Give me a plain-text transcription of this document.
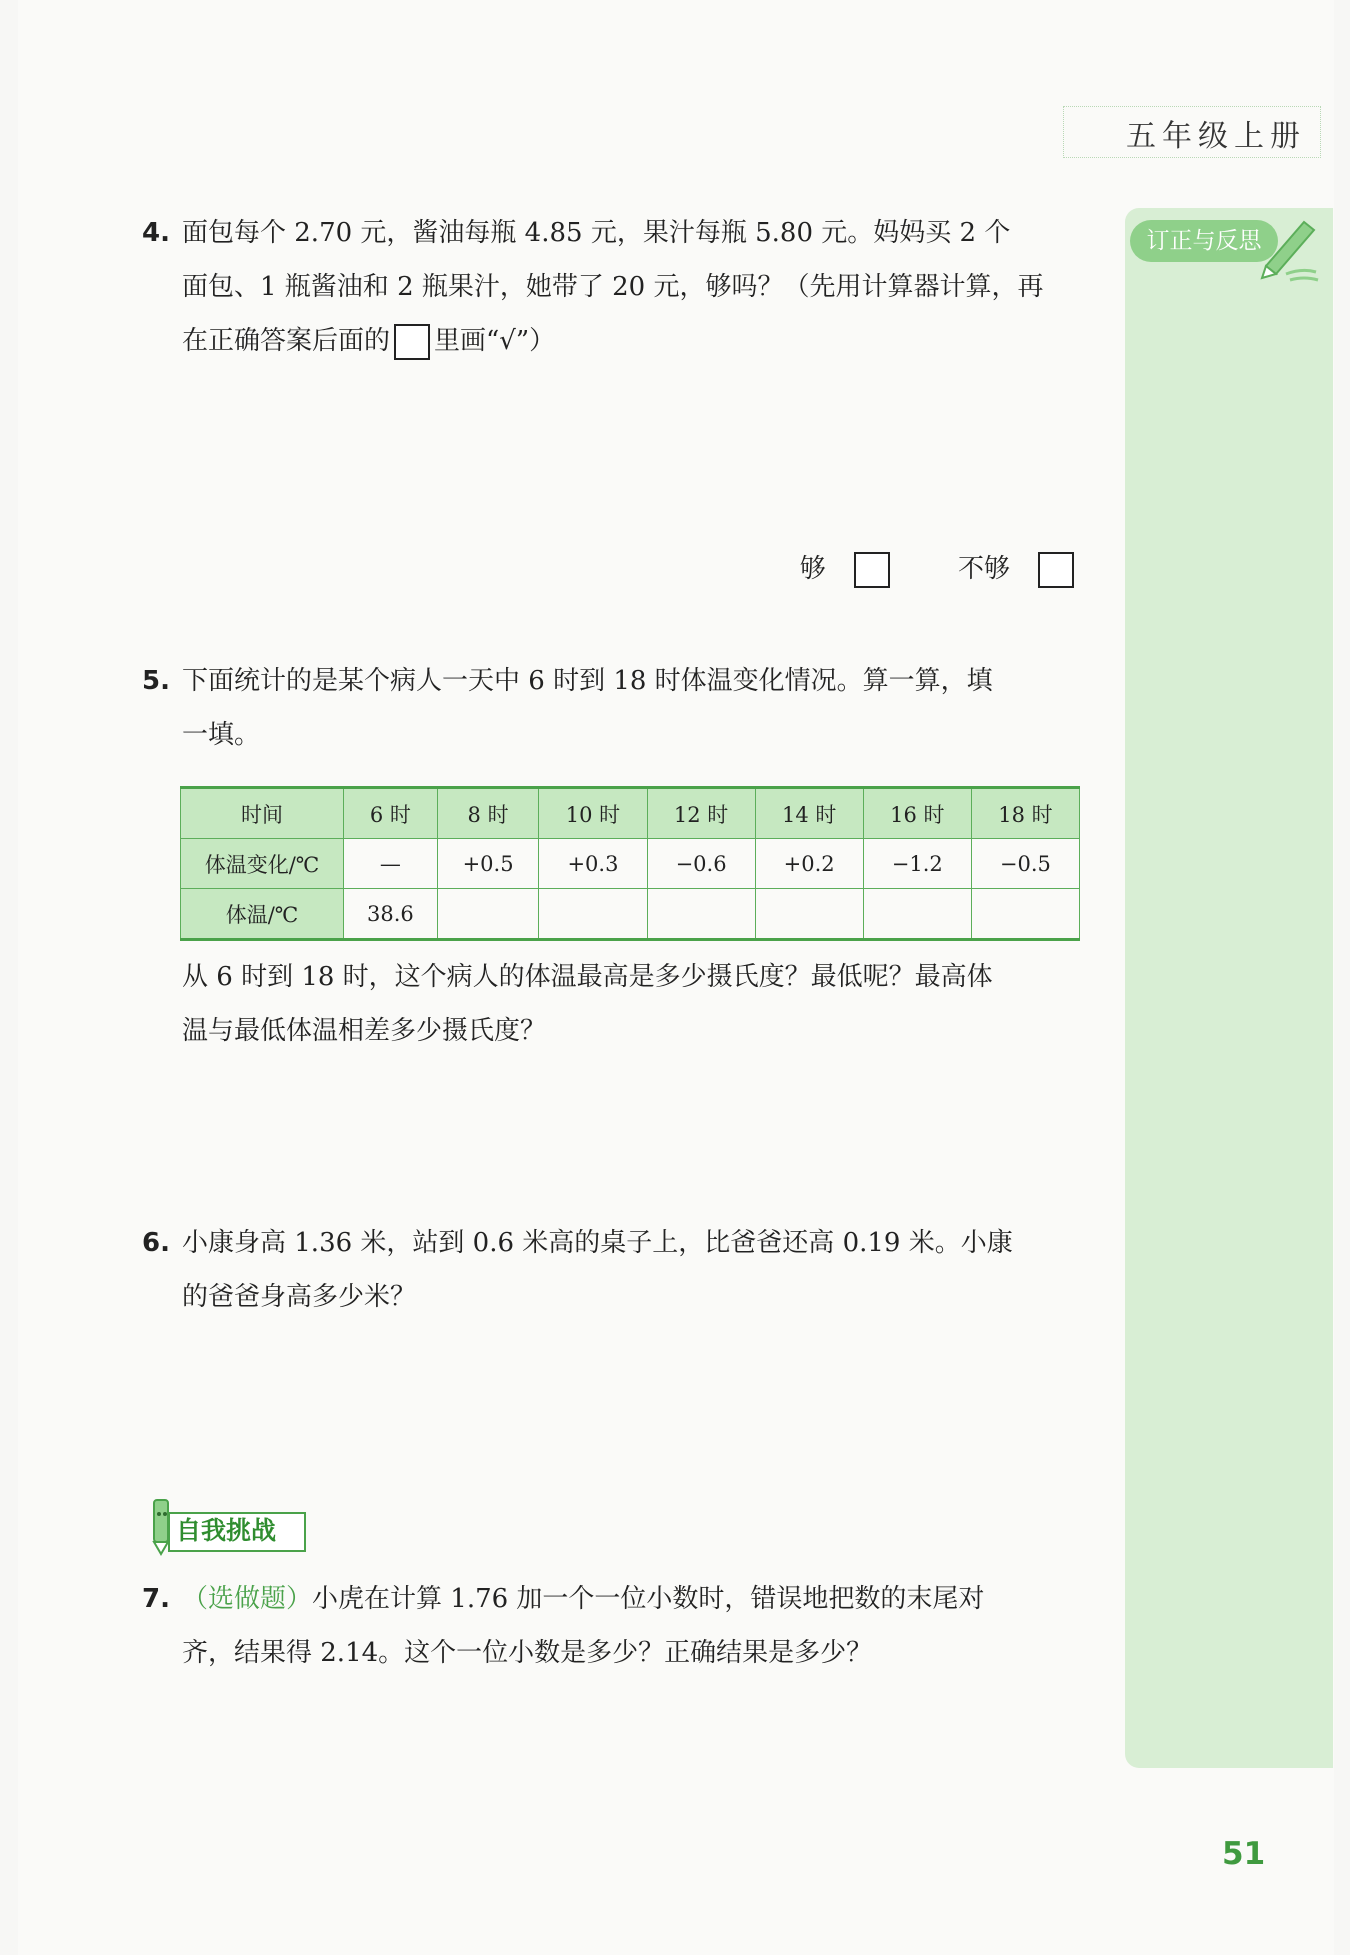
五年级上册
订正与反思
4. 面包每个 2.70 元，酱油每瓶 4.85 元，果汁每瓶 5.80 元。妈妈买 2 个
面包、1 瓶酱油和 2 瓶果汁，她带了 20 元，够吗？（先用计算器计算，再
在正确答案后面的 里画“√”）
够	不够
5. 下面统计的是某个病人一天中 6 时到 18 时体温变化情况。算一算，填
一填。
时间	6 时	8 时	10 时	12 时	14 时	16 时	18 时
体温变化/℃	—	+0.5	+0.3	−0.6	+0.2	−1.2	−0.5
体温/℃	38.6						
从 6 时到 18 时，这个病人的体温最高是多少摄氏度？最低呢？最高体
温与最低体温相差多少摄氏度？
6. 小康身高 1.36 米，站到 0.6 米高的桌子上，比爸爸还高 0.19 米。小康
的爸爸身高多少米？
自我挑战
7. （选做题）小虎在计算 1.76 加一个一位小数时，错误地把数的末尾对
齐，结果得 2.14。这个一位小数是多少？正确结果是多少？
51
